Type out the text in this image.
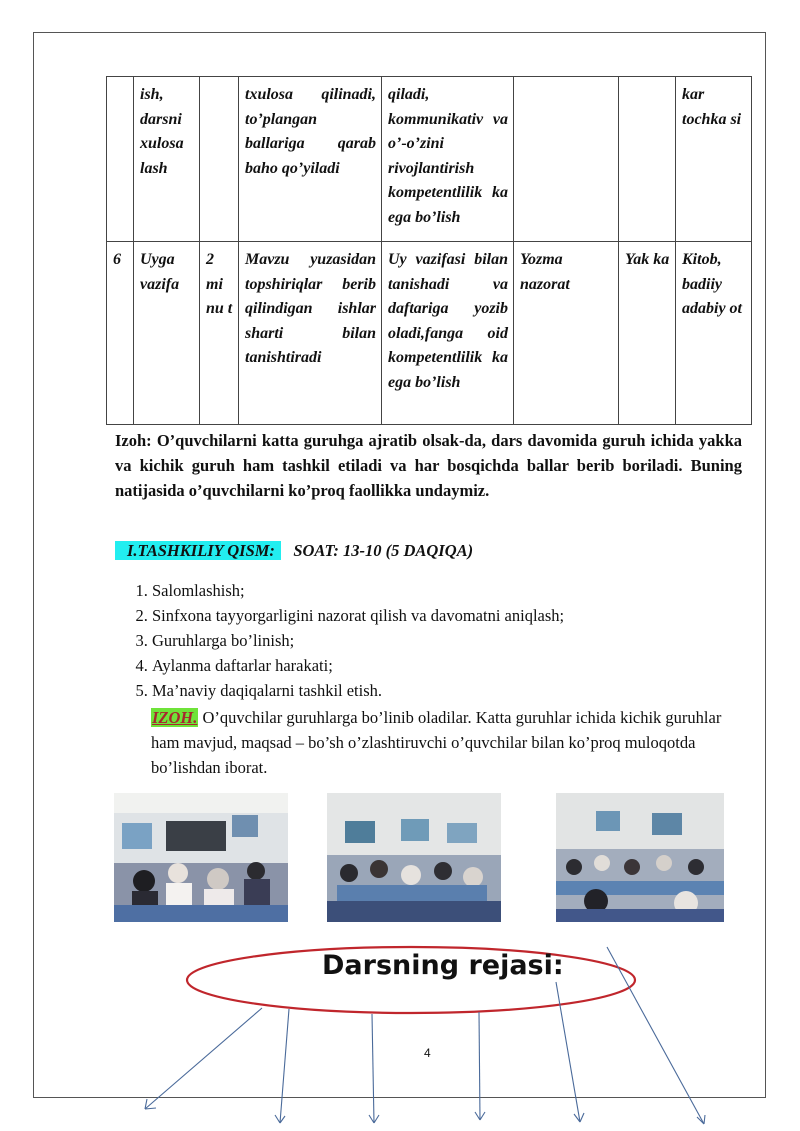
	ish, darsni xulosa lash		txulosa qilinadi, to’plangan ballariga qarab baho qo’yiladi	qiladi, kommunikativ va o’-o’zini rivojlantirish kompetentlilik ka ega bo’lish			kar tochka si
6	Uyga vazifa	2 mi nu t	Mavzu yuzasidan topshiriqlar berib qilindigan ishlar sharti bilan tanishtiradi	Uy vazifasi bilan tanishadi va daftariga yozib oladi,fanga oid kompetentlilik ka ega bo’lish	Yozma nazorat	Yak ka	Kitob, badiiy adabiy ot
Izoh: O’quvchilarni katta guruhga ajratib olsak-da, dars davomida guruh ichida yakka va kichik guruh ham tashkil etiladi va har bosqichda ballar berib boriladi. Buning natijasida o’quvchilarni ko’proq faollikka undaymiz.
I.TASHKILIY QISM: SOAT: 13-10 (5 DAQIQA)
1. Salomlashish;
2. Sinfxona tayyorgarligini nazorat qilish va davomatni aniqlash;
3. Guruhlarga bo’linish;
4. Aylanma daftarlar harakati;
5. Ma’naviy daqiqalarni tashkil etish.
IZOH. O’quvchilar guruhlarga bo’linib oladilar. Katta guruhlar ichida kichik guruhlar ham mavjud, maqsad – bo’sh o’zlashtiruvchi o’quvchilar bilan ko’proq muloqotda bo’lishdan iborat.
Darsning rejasi:
4
